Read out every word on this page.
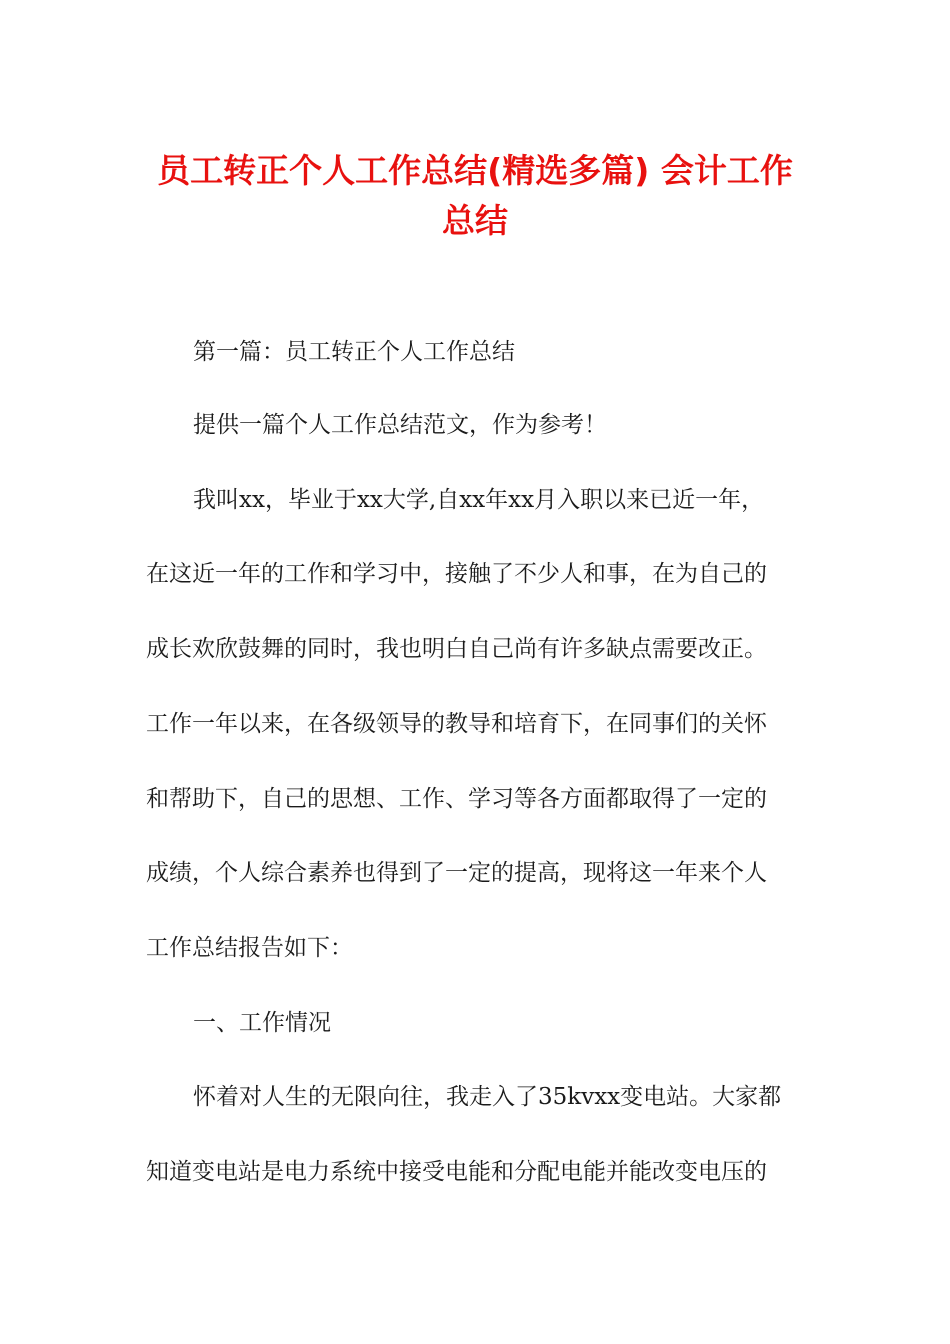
员工转正个人工作总结(精选多篇) 会计工作
总结

第一篇：员工转正个人工作总结

提供一篇个人工作总结范文，作为参考！

我叫xx，毕业于xx大学,自xx年xx月入职以来已近一年，

在这近一年的工作和学习中，接触了不少人和事，在为自己的

成长欢欣鼓舞的同时，我也明白自己尚有许多缺点需要改正。

工作一年以来，在各级领导的教导和培育下，在同事们的关怀

和帮助下，自己的思想、工作、学习等各方面都取得了一定的

成绩，个人综合素养也得到了一定的提高，现将这一年来个人

工作总结报告如下：

一、工作情况

怀着对人生的无限向往，我走入了35kvxx变电站。大家都

知道变电站是电力系统中接受电能和分配电能并能改变电压的
